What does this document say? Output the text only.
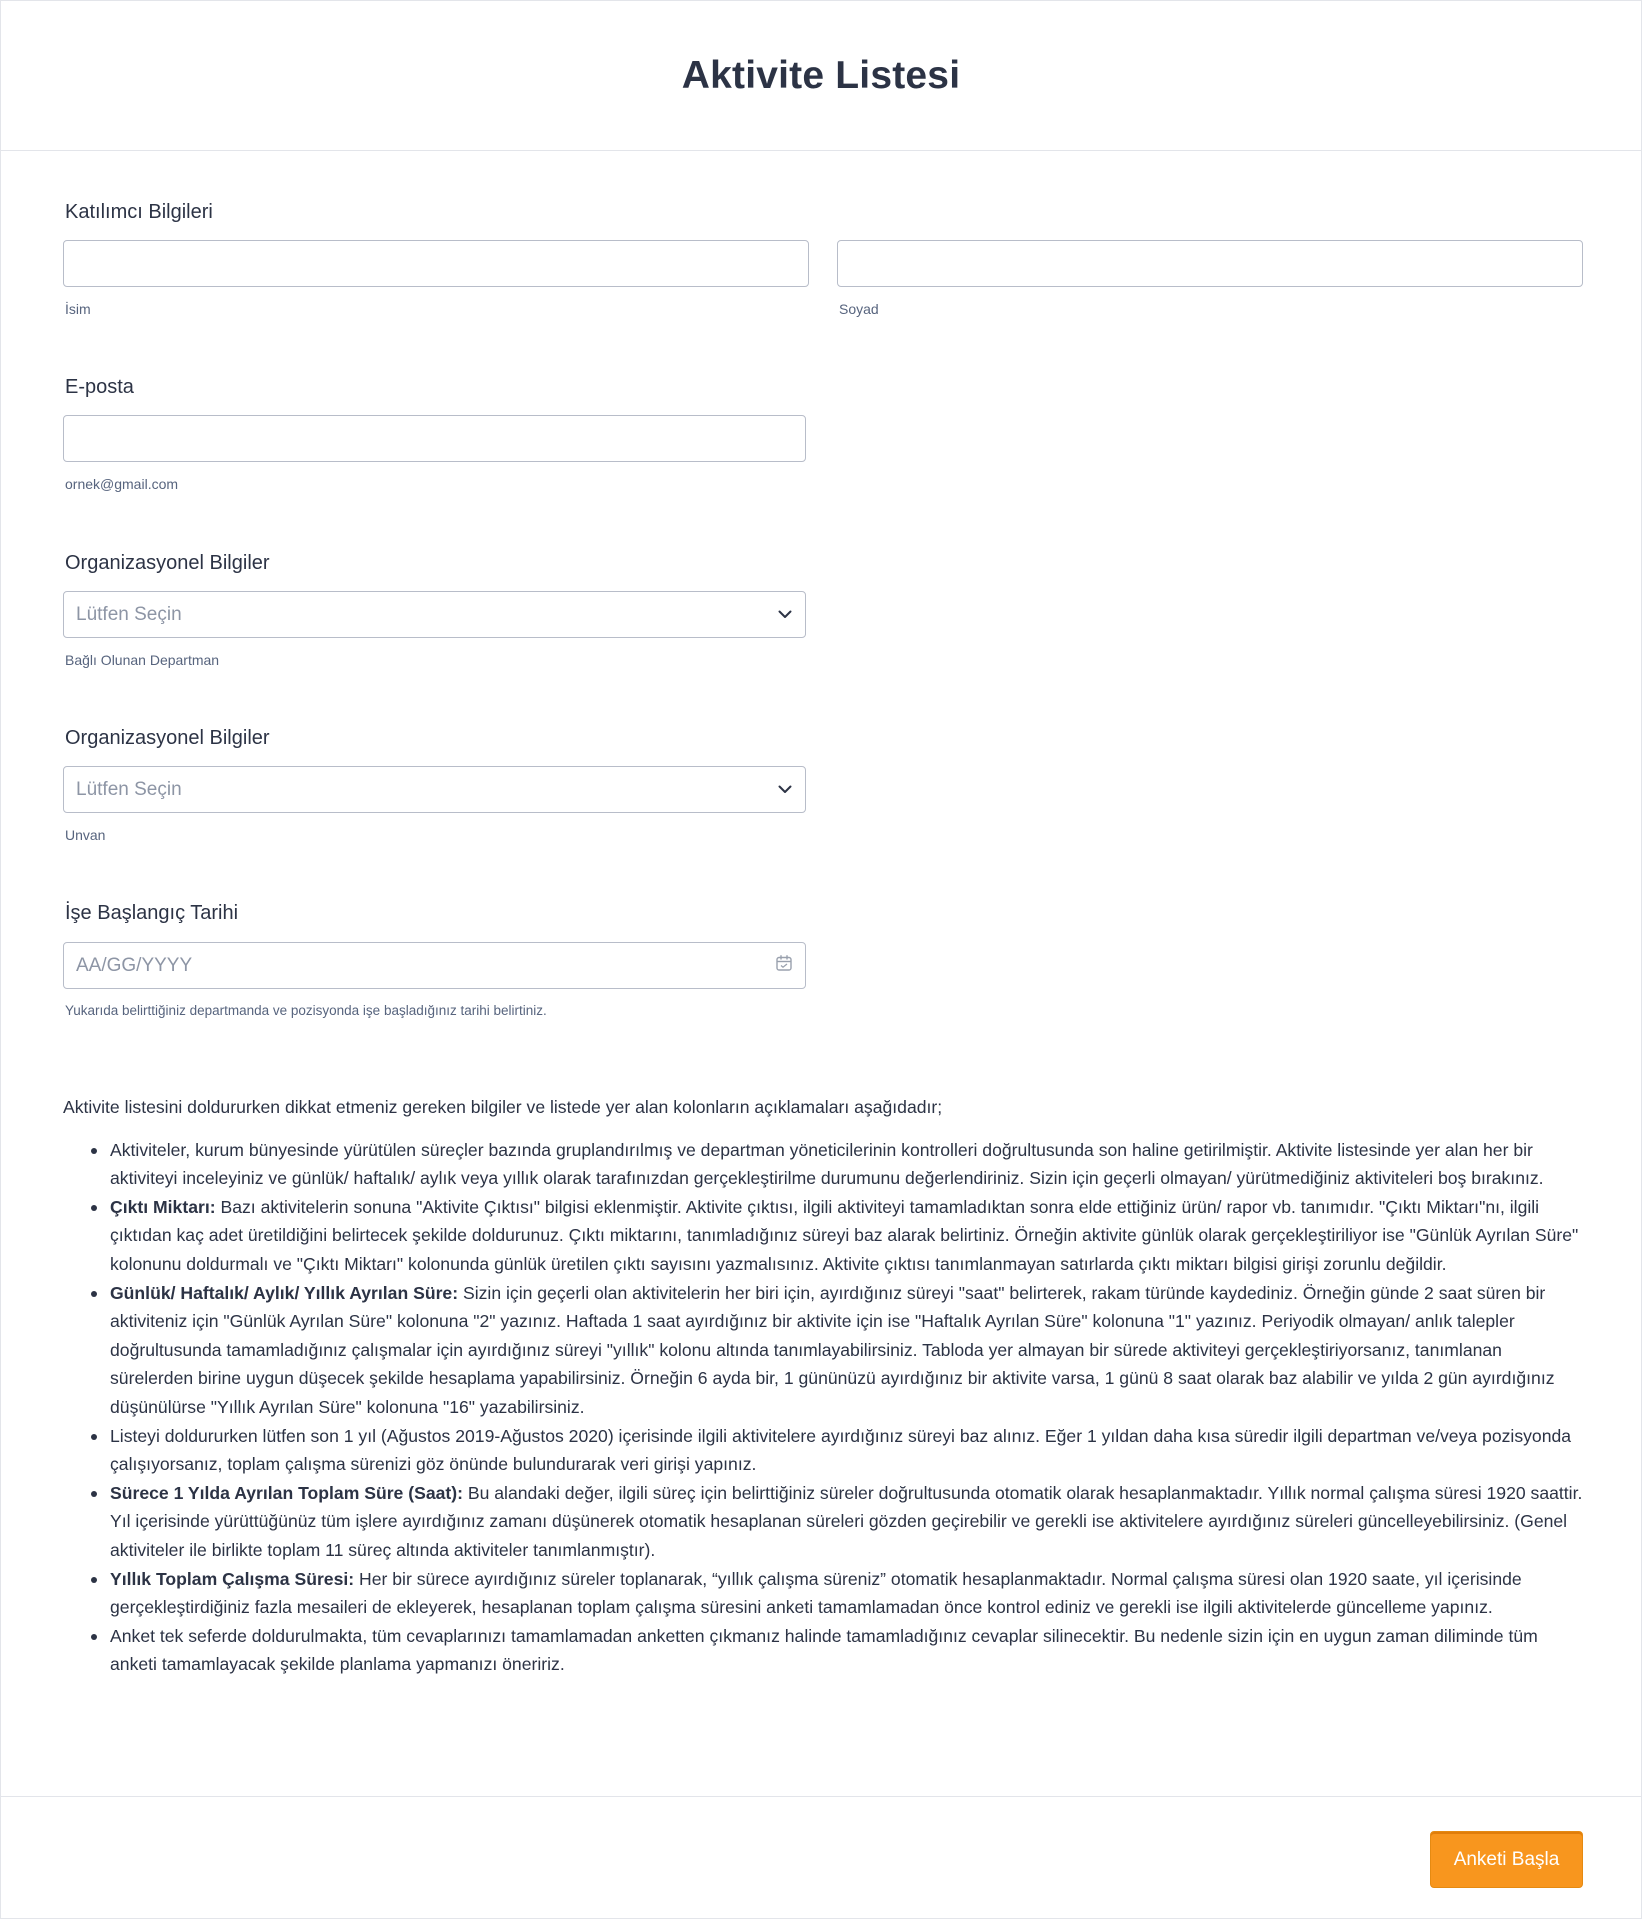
Aktivite Listesi
Katılımcı Bilgileri
İsim	Soyad
E-posta
ornek@gmail.com
Organizasyonel Bilgiler
Lütfen Seçin
Bağlı Olunan Departman
Organizasyonel Bilgiler
Lütfen Seçin
Unvan
İşe Başlangıç Tarihi
AA/GG/YYYY
Yukarıda belirttiğiniz departmanda ve pozisyonda işe başladığınız tarihi belirtiniz.

Aktivite listesini doldururken dikkat etmeniz gereken bilgiler ve listede yer alan kolonların açıklamaları aşağıdadır;

Aktiviteler, kurum bünyesinde yürütülen süreçler bazında gruplandırılmış ve departman yöneticilerinin kontrolleri doğrultusunda son haline getirilmiştir. Aktivite listesinde yer alan her bir aktiviteyi inceleyiniz ve günlük/ haftalık/ aylık veya yıllık olarak tarafınızdan gerçekleştirilme durumunu değerlendiriniz. Sizin için geçerli olmayan/ yürütmediğiniz aktiviteleri boş bırakınız.
Çıktı Miktarı: Bazı aktivitelerin sonuna "Aktivite Çıktısı" bilgisi eklenmiştir. Aktivite çıktısı, ilgili aktiviteyi tamamladıktan sonra elde ettiğiniz ürün/ rapor vb. tanımıdır. "Çıktı Miktarı"nı, ilgili çıktıdan kaç adet üretildiğini belirtecek şekilde doldurunuz. Çıktı miktarını, tanımladığınız süreyi baz alarak belirtiniz. Örneğin aktivite günlük olarak gerçekleştiriliyor ise "Günlük Ayrılan Süre" kolonunu doldurmalı ve "Çıktı Miktarı" kolonunda günlük üretilen çıktı sayısını yazmalısınız. Aktivite çıktısı tanımlanmayan satırlarda çıktı miktarı bilgisi girişi zorunlu değildir.
Günlük/ Haftalık/ Aylık/ Yıllık Ayrılan Süre: Sizin için geçerli olan aktivitelerin her biri için, ayırdığınız süreyi "saat" belirterek, rakam türünde kaydediniz. Örneğin günde 2 saat süren bir aktiviteniz için "Günlük Ayrılan Süre" kolonuna "2" yazınız. Haftada 1 saat ayırdığınız bir aktivite için ise "Haftalık Ayrılan Süre" kolonuna "1" yazınız. Periyodik olmayan/ anlık talepler doğrultusunda tamamladığınız çalışmalar için ayırdığınız süreyi "yıllık" kolonu altında tanımlayabilirsiniz. Tabloda yer almayan bir sürede aktiviteyi gerçekleştiriyorsanız, tanımlanan sürelerden birine uygun düşecek şekilde hesaplama yapabilirsiniz. Örneğin 6 ayda bir, 1 gününüzü ayırdığınız bir aktivite varsa, 1 günü 8 saat olarak baz alabilir ve yılda 2 gün ayırdığınız düşünülürse "Yıllık Ayrılan Süre" kolonuna "16" yazabilirsiniz.
Listeyi doldururken lütfen son 1 yıl (Ağustos 2019-Ağustos 2020) içerisinde ilgili aktivitelere ayırdığınız süreyi baz alınız. Eğer 1 yıldan daha kısa süredir ilgili departman ve/veya pozisyonda çalışıyorsanız, toplam çalışma sürenizi göz önünde bulundurarak veri girişi yapınız.
Sürece 1 Yılda Ayrılan Toplam Süre (Saat): Bu alandaki değer, ilgili süreç için belirttiğiniz süreler doğrultusunda otomatik olarak hesaplanmaktadır. Yıllık normal çalışma süresi 1920 saattir. Yıl içerisinde yürüttüğünüz tüm işlere ayırdığınız zamanı düşünerek otomatik hesaplanan süreleri gözden geçirebilir ve gerekli ise aktivitelere ayırdığınız süreleri güncelleyebilirsiniz. (Genel aktiviteler ile birlikte toplam 11 süreç altında aktiviteler tanımlanmıştır).
Yıllık Toplam Çalışma Süresi: Her bir sürece ayırdığınız süreler toplanarak, “yıllık çalışma süreniz” otomatik hesaplanmaktadır. Normal çalışma süresi olan 1920 saate, yıl içerisinde gerçekleştirdiğiniz fazla mesaileri de ekleyerek, hesaplanan toplam çalışma süresini anketi tamamlamadan önce kontrol ediniz ve gerekli ise ilgili aktivitelerde güncelleme yapınız.
Anket tek seferde doldurulmakta, tüm cevaplarınızı tamamlamadan anketten çıkmanız halinde tamamladığınız cevaplar silinecektir. Bu nedenle sizin için en uygun zaman diliminde tüm anketi tamamlayacak şekilde planlama yapmanızı öneririz.
Anketi Başla
